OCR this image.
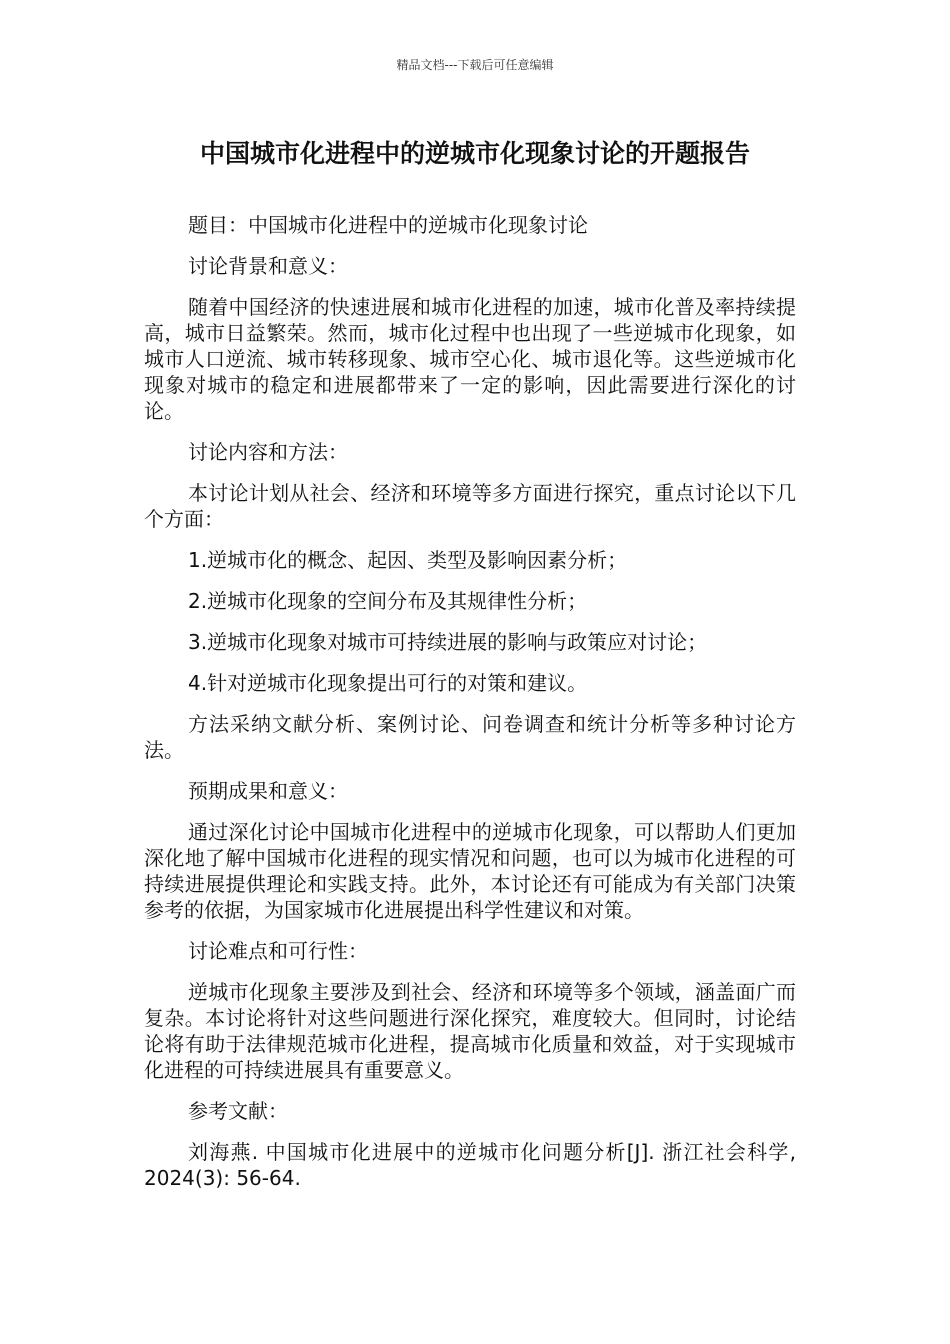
精品文档---下载后可任意编辑
中国城市化进程中的逆城市化现象讨论的开题报告

题目：中国城市化进程中的逆城市化现象讨论

讨论背景和意义：

随着中国经济的快速进展和城市化进程的加速，城市化普及率持续提高，城市日益繁荣。然而，城市化过程中也出现了一些逆城市化现象，如城市人口逆流、城市转移现象、城市空心化、城市退化等。这些逆城市化现象对城市的稳定和进展都带来了一定的影响，因此需要进行深化的讨论。

讨论内容和方法：

本讨论计划从社会、经济和环境等多方面进行探究，重点讨论以下几个方面：

1.逆城市化的概念、起因、类型及影响因素分析；

2.逆城市化现象的空间分布及其规律性分析；

3.逆城市化现象对城市可持续进展的影响与政策应对讨论；

4.针对逆城市化现象提出可行的对策和建议。

方法采纳文献分析、案例讨论、问卷调查和统计分析等多种讨论方法。

预期成果和意义：

通过深化讨论中国城市化进程中的逆城市化现象，可以帮助人们更加深化地了解中国城市化进程的现实情况和问题，也可以为城市化进程的可持续进展提供理论和实践支持。此外，本讨论还有可能成为有关部门决策参考的依据，为国家城市化进展提出科学性建议和对策。

讨论难点和可行性：

逆城市化现象主要涉及到社会、经济和环境等多个领域，涵盖面广而复杂。本讨论将针对这些问题进行深化探究，难度较大。但同时，讨论结论将有助于法律规范城市化进程，提高城市化质量和效益，对于实现城市化进程的可持续进展具有重要意义。

参考文献：

刘海燕. 中国城市化进展中的逆城市化问题分析[J]. 浙江社会科学, 2024(3): 56-64.
